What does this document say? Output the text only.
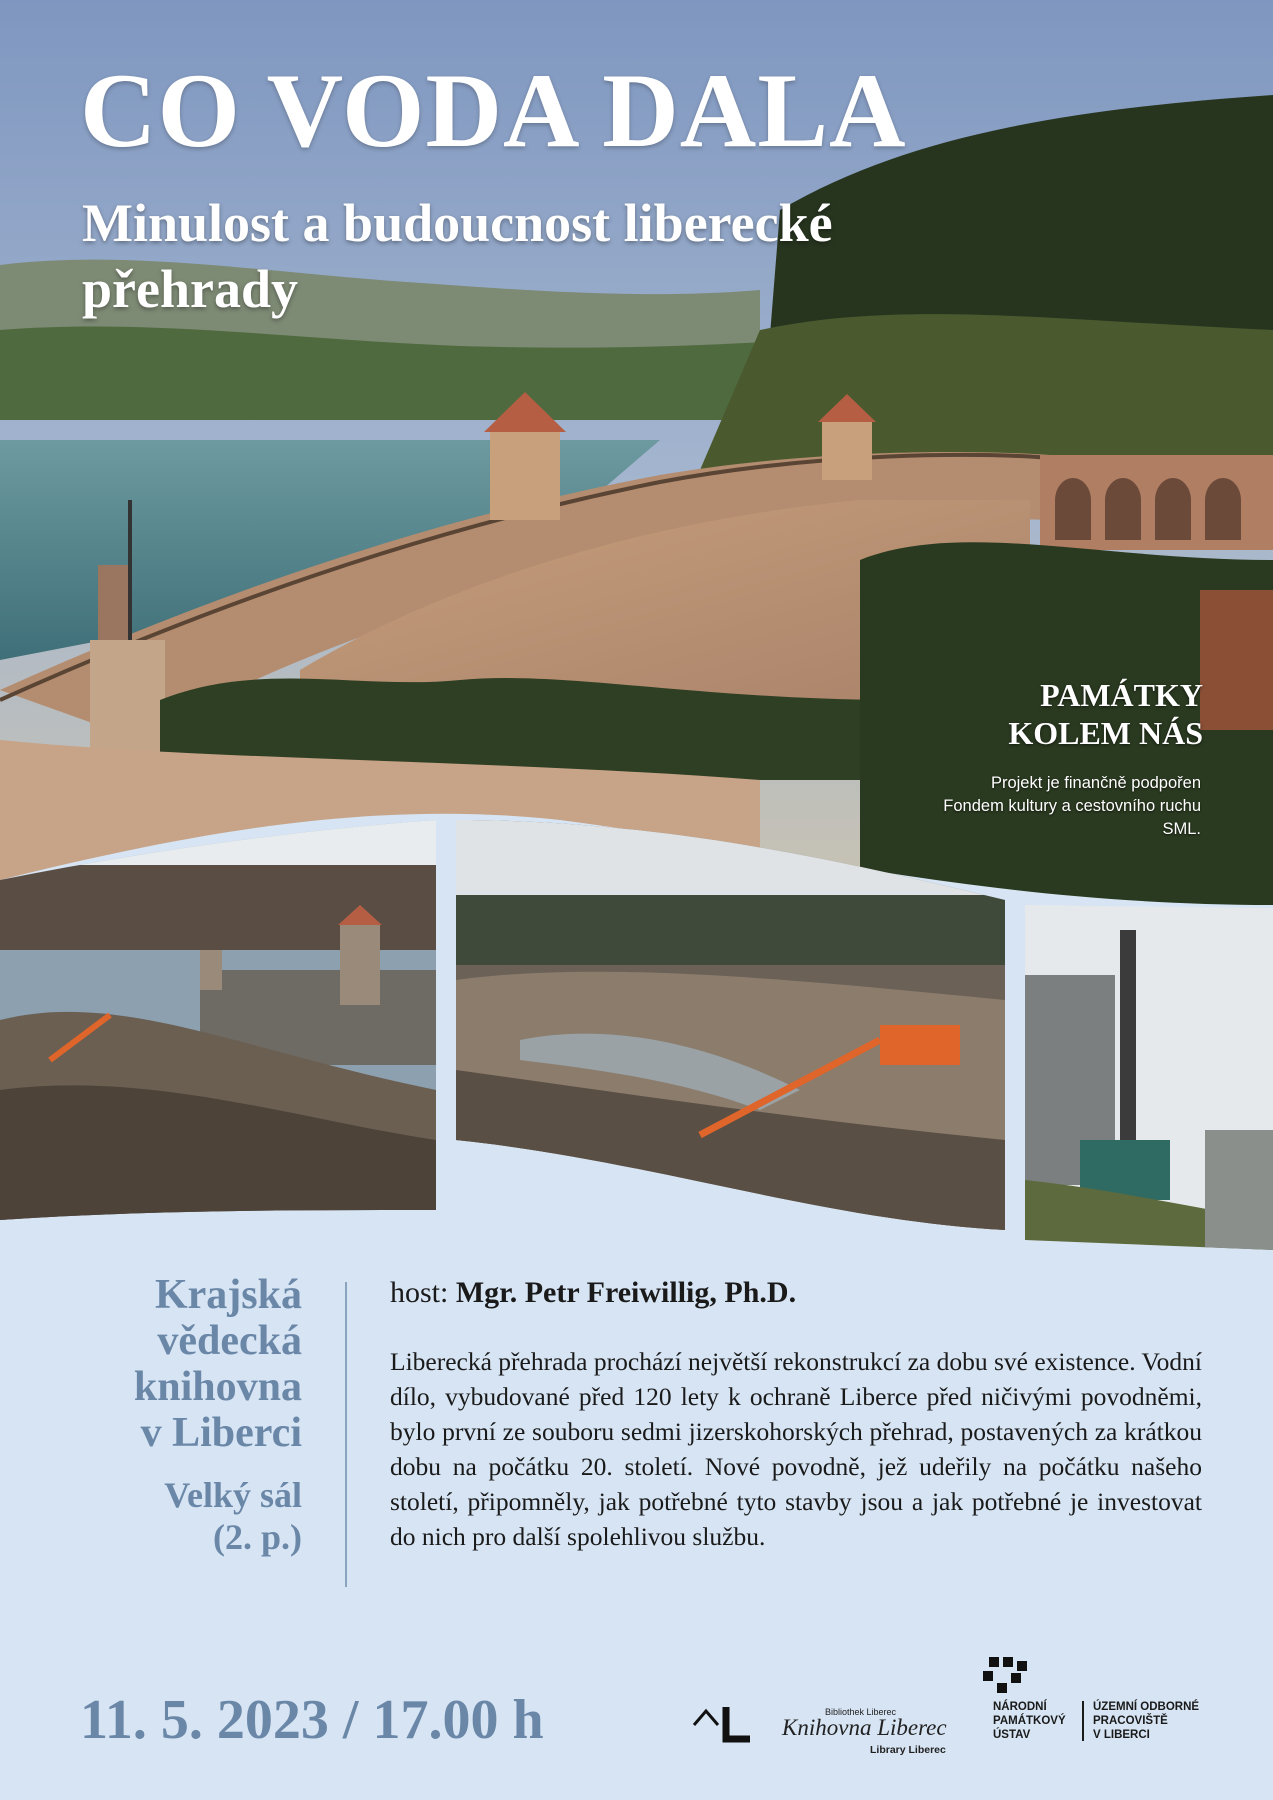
CO VODA DALA
Minulost a budoucnost liberecké přehrady
PAMÁTKY
KOLEM NÁS
Projekt je finančně podpořen Fondem kultury a cestovního ruchu SML.
Krajská
vědecká
knihovna
v Liberci
Velký sál
(2. p.)
host: Mgr. Petr Freiwillig, Ph.D.

Liberecká přehrada prochází největší rekonstrukcí za dobu své existence. Vodní dílo, vybudované před 120 lety k ochraně Liberce před ničivými povodněmi, bylo první ze souboru sedmi jizerskohorských přehrad, postavených za krátkou dobu na počátku 20. století. Nové povodně, jež udeřily na počátku našeho století, připomněly, jak potřebné tyto stavby jsou a jak potřebné je investovat do nich pro další spolehlivou službu.

11. 5. 2023 / 17.00 h	Bibliothek Liberec
Knihovna Liberec
Library Liberec
NÁRODNÍ
PAMÁTKOVÝ
ÚSTAV
ÚZEMNÍ ODBORNÉ
PRACOVIŠTĚ
V LIBERCI
